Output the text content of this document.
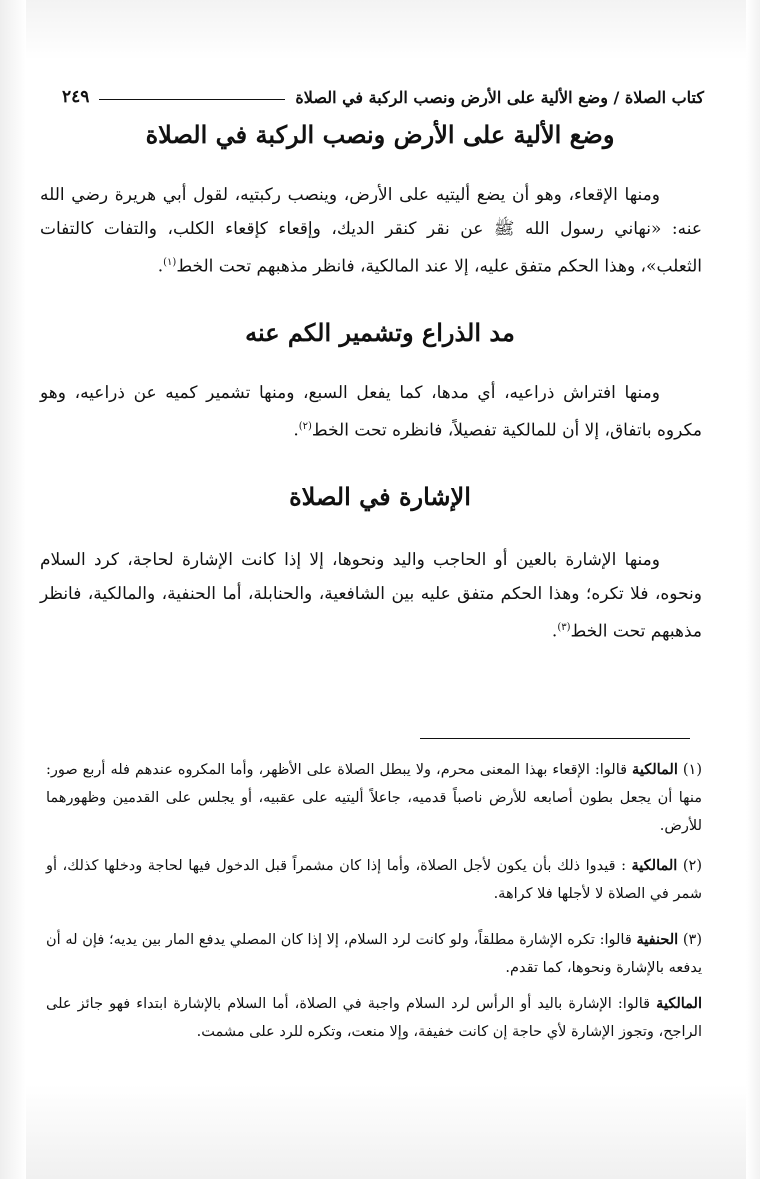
كتاب الصلاة / وضع الألية على الأرض ونصب الركبة في الصلاة
٢٤٩
وضع الألية على الأرض ونصب الركبة في الصلاة

ومنها الإقعاء، وهو أن يضع أليتيه على الأرض، وينصب ركبتيه، لقول أبي هريرة رضي الله عنه: «نهاني رسول الله ﷺ عن نقر كنقر الديك، وإقعاء كإقعاء الكلب، والتفات كالتفات الثعلب»، وهذا الحكم متفق عليه، إلا عند المالكية، فانظر مذهبهم تحت الخط$^{(١)}$.

مد الذراع وتشمير الكم عنه

ومنها افتراش ذراعيه، أي مدها، كما يفعل السبع، ومنها تشمير كميه عن ذراعيه، وهو مكروه باتفاق، إلا أن للمالكية تفصيلاً، فانظره تحت الخط$^{(٢)}$.

الإشارة في الصلاة

ومنها الإشارة بالعين أو الحاجب واليد ونحوها، إلا إذا كانت الإشارة لحاجة، كرد السلام ونحوه، فلا تكره؛ وهذا الحكم متفق عليه بين الشافعية، والحنابلة، أما الحنفية، والمالكية، فانظر مذهبهم تحت الخط$^{(٣)}$.

(١) المالكية قالوا: الإقعاء بهذا المعنى محرم، ولا يبطل الصلاة على الأظهر، وأما المكروه عندهم فله أربع صور: منها أن يجعل بطون أصابعه للأرض ناصباً قدميه، جاعلاً أليتيه على عقبيه، أو يجلس على القدمين وظهورهما للأرض.

(٢) المالكية : قيدوا ذلك بأن يكون لأجل الصلاة، وأما إذا كان مشمراً قبل الدخول فيها لحاجة ودخلها كذلك، أو شمر في الصلاة لا لأجلها فلا كراهة.

(٣) الحنفية قالوا: تكره الإشارة مطلقاً، ولو كانت لرد السلام، إلا إذا كان المصلي يدفع المار بين يديه؛ فإن له أن يدفعه بالإشارة ونحوها، كما تقدم.

المالكية قالوا: الإشارة باليد أو الرأس لرد السلام واجبة في الصلاة، أما السلام بالإشارة ابتداء فهو جائز على الراجح، وتجوز الإشارة لأي حاجة إن كانت خفيفة، وإلا منعت، وتكره للرد على مشمت.
